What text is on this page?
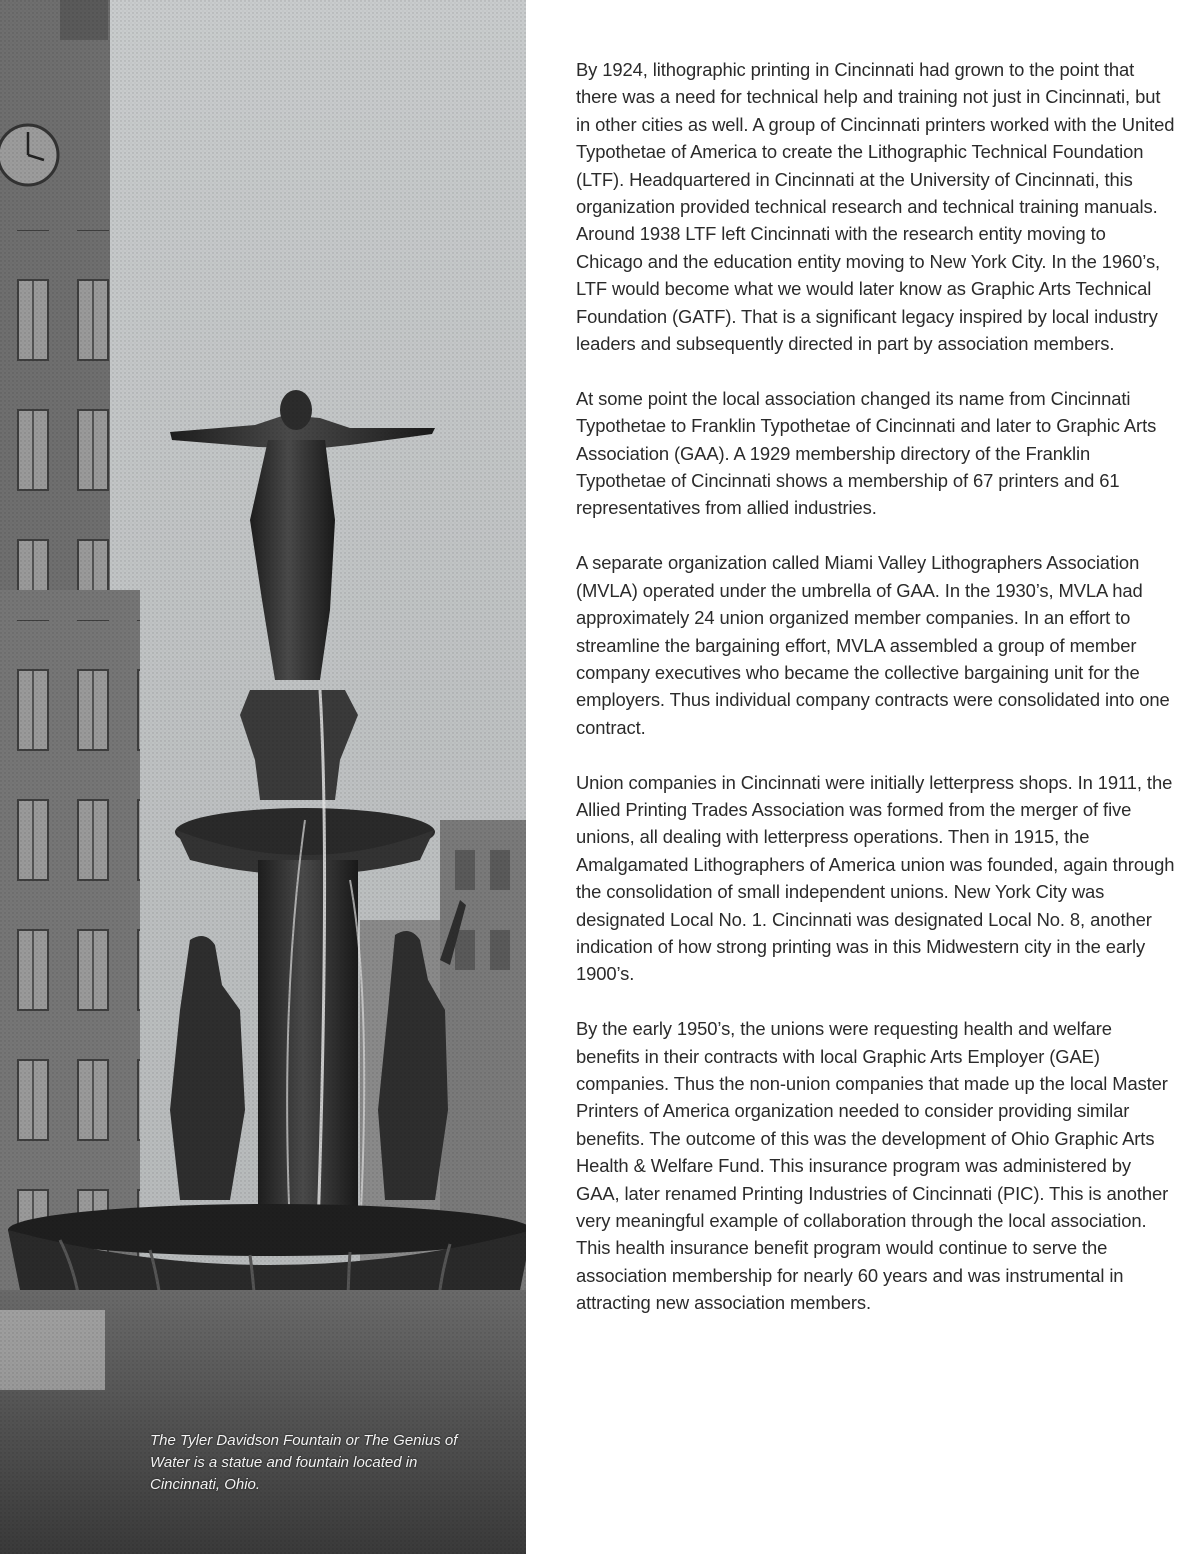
The Tyler Davidson Fountain or The Genius of Water is a statue and fountain located in Cincinnati, Ohio.

By 1924, lithographic printing in Cincinnati had grown to the point that there was a need for technical help and training not just in Cincinnati, but in other cities as well. A group of Cincinnati printers worked with the United Typothetae of America to create the Lithographic Technical Foundation (LTF). Headquartered in Cincinnati at the University of Cincinnati, this organization provided technical research and technical training manuals. Around 1938 LTF left Cincinnati with the research entity moving to Chicago and the education entity moving to New York City. In the 1960’s, LTF would become what we would later know as Graphic Arts Technical Foundation (GATF). That is a significant legacy inspired by local industry leaders and subsequently directed in part by association members.

At some point the local association changed its name from Cincinnati Typothetae to Franklin Typothetae of Cincinnati and later to Graphic Arts Association (GAA). A 1929 membership directory of the Franklin Typothetae of Cincinnati shows a membership of 67 printers and 61 representatives from allied industries.

A separate organization called Miami Valley Lithographers Association (MVLA) operated under the umbrella of GAA. In the 1930’s, MVLA had approximately 24 union organized member companies. In an effort to streamline the bargaining effort, MVLA assembled a group of member company executives who became the collective bargaining unit for the employers. Thus individual company contracts were consolidated into one contract.

Union companies in Cincinnati were initially letterpress shops. In 1911, the Allied Printing Trades Association was formed from the merger of five unions, all dealing with letterpress operations. Then in 1915, the Amalgamated Lithographers of America union was founded, again through the consolidation of small independent unions. New York City was designated Local No. 1. Cincinnati was designated Local No. 8, another indication of how strong printing was in this Midwestern city in the early 1900’s.

By the early 1950’s, the unions were requesting health and welfare benefits in their contracts with local Graphic Arts Employer (GAE) companies. Thus the non-union companies that made up the local Master Printers of America organization needed to consider providing similar benefits. The outcome of this was the development of Ohio Graphic Arts Health & Welfare Fund. This insurance program was administered by GAA, later renamed Printing Industries of Cincinnati (PIC). This is another very meaningful example of collaboration through the local association. This health insurance benefit program would continue to serve the association membership for nearly 60 years and was instrumental in attracting new association members.
